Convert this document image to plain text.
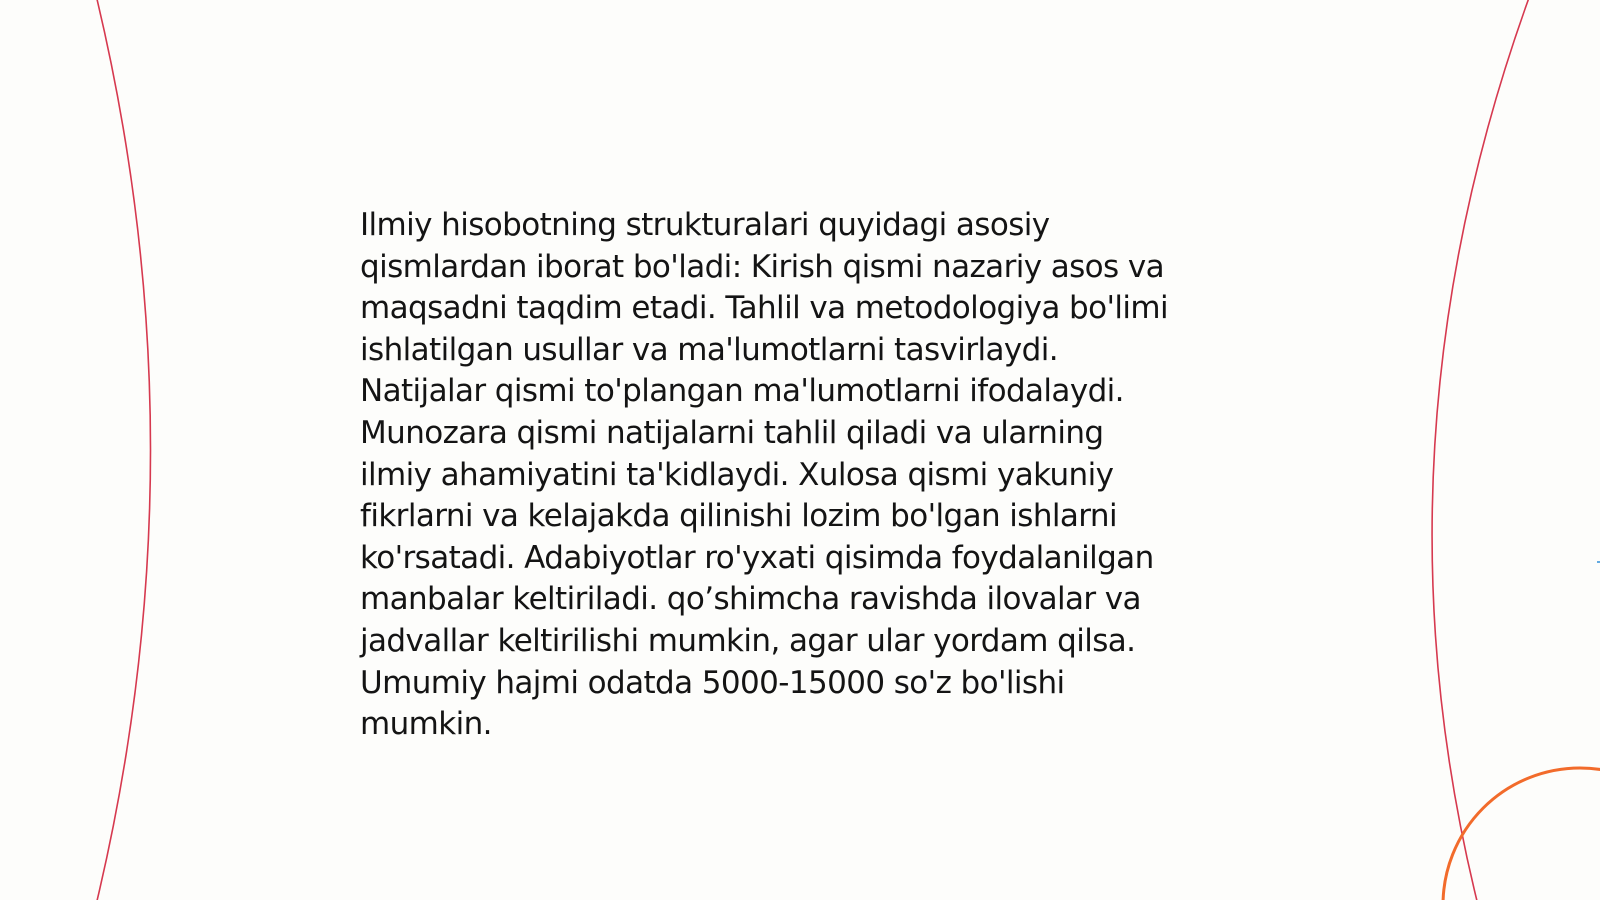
Ilmiy hisobotning strukturalari quyidagi asosiy
qismlardan iborat bo'ladi: Kirish qismi nazariy asos va
maqsadni taqdim etadi. Tahlil va metodologiya bo'limi
ishlatilgan usullar va ma'lumotlarni tasvirlaydi.
Natijalar qismi to'plangan ma'lumotlarni ifodalaydi.
Munozara qismi natijalarni tahlil qiladi va ularning
ilmiy ahamiyatini ta'kidlaydi. Xulosa qismi yakuniy
fikrlarni va kelajakda qilinishi lozim bo'lgan ishlarni
ko'rsatadi. Adabiyotlar ro'yxati qisimda foydalanilgan
manbalar keltiriladi. qo’shimcha ravishda ilovalar va
jadvallar keltirilishi mumkin, agar ular yordam qilsa.
Umumiy hajmi odatda 5000-15000 so'z bo'lishi
mumkin.
